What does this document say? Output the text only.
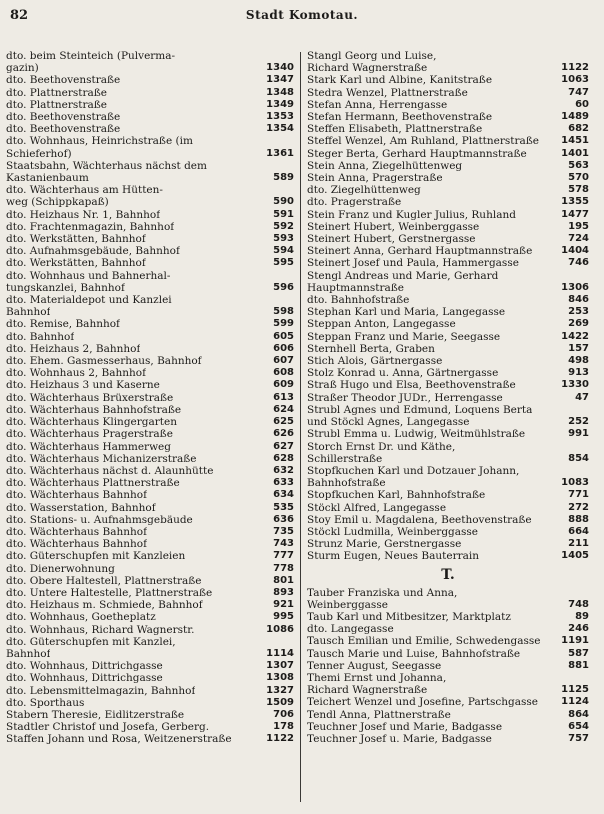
82	Stadt Komotau.
dto. beim Steinteich (Pulverma-
gazin)	1340
dto. Beethovenstraße	1347
dto. Plattnerstraße	1348
dto. Plattnerstraße	1349
dto. Beethovenstraße	1353
dto. Beethovenstraße	1354
dto. Wohnhaus, Heinrichstraße (im
Schieferhof)	1361
Staatsbahn, Wächterhaus nächst dem
Kastanienbaum	589
dto. Wächterhaus am Hütten-
weg (Schippkapaß)	590
dto. Heizhaus Nr. 1, Bahnhof	591
dto. Frachtenmagazin, Bahnhof	592
dto. Werkstätten, Bahnhof	593
dto. Aufnahmsgebäude, Bahnhof	594
dto. Werkstätten, Bahnhof	595
dto. Wohnhaus und Bahnerhal-
tungskanzlei, Bahnhof	596
dto. Materialdepot und Kanzlei
Bahnhof	598
dto. Remise, Bahnhof	599
dto. Bahnhof	605
dto. Heizhaus 2, Bahnhof	606
dto. Ehem. Gasmesserhaus, Bahnhof	607
dto. Wohnhaus 2, Bahnhof	608
dto. Heizhaus 3 und Kaserne	609
dto. Wächterhaus Brüxerstraße	613
dto. Wächterhaus Bahnhofstraße	624
dto. Wächterhaus Klingergarten	625
dto. Wächterhaus Pragerstraße	626
dto. Wächterhaus Hammerweg	627
dto. Wächterhaus Michanizerstraße	628
dto. Wächterhaus nächst d. Alaunhütte	632
dto. Wächterhaus Plattnerstraße	633
dto. Wächterhaus Bahnhof	634
dto. Wasserstation, Bahnhof	535
dto. Stations- u. Aufnahmsgebäude	636
dto. Wächterhaus Bahnhof	735
dto. Wächterhaus Bahnhof	743
dto. Güterschupfen mit Kanzleien	777
dto. Dienerwohnung	778
dto. Obere Haltestell, Plattnerstraße	801
dto. Untere Haltestelle, Plattnerstraße	893
dto. Heizhaus m. Schmiede, Bahnhof	921
dto. Wohnhaus, Goetheplatz	995
dto. Wohnhaus, Richard Wagnerstr.	1086
dto. Güterschupfen mit Kanzlei,
Bahnhof	1114
dto. Wohnhaus, Dittrichgasse	1307
dto. Wohnhaus, Dittrichgasse	1308
dto. Lebensmittelmagazin, Bahnhof	1327
dto. Sporthaus	1509
Stabern Theresie, Eidlitzerstraße	706
Stadtler Christof und Josefa, Gerberg.	178
Staffen Johann und Rosa, Weitzenerstraße	1122
Stangl Georg und Luise,
Richard Wagnerstraße	1122
Stark Karl und Albine, Kanitstraße	1063
Stedra Wenzel, Plattnerstraße	747
Stefan Anna, Herrengasse	60
Stefan Hermann, Beethovenstraße	1489
Steffen Elisabeth, Plattnerstraße	682
Steffel Wenzel, Am Ruhland, Plattnerstraße 1451
Steger Berta, Gerhard Hauptmannstraße	1401
Stein Anna, Ziegelhüttenweg	563
Stein Anna, Pragerstraße	570
dto. Ziegelhüttenweg	578
dto. Pragerstraße	1355
Stein Franz und Kugler Julius, Ruhland	1477
Steinert Hubert, Weinberggasse	195
Steinert Hubert, Gerstnergasse	724
Steinert Anna, Gerhard Hauptmannstraße	1404
Steinert Josef und Paula, Hammergasse	746
Stengl Andreas und Marie, Gerhard
Hauptmannstraße	1306
dto. Bahnhofstraße	846
Stephan Karl und Maria, Langegasse	253
Steppan Anton, Langegasse	269
Steppan Franz und Marie, Seegasse	1422
Sternhell Berta, Graben	157
Stich Alois, Gärtnergasse	498
Stolz Konrad u. Anna, Gärtnergasse	913
Straß Hugo und Elsa, Beethovenstraße	1330
Straßer Theodor JUDr., Herrengasse	47
Strubl Agnes und Edmund, Loquens Berta
und Stöckl Agnes, Langegasse	252
Strubl Emma u. Ludwig, Weitmühlstraße	991
Storch Ernst Dr. und Käthe,
Schillerstraße	854
Stopfkuchen Karl und Dotzauer Johann,
Bahnhofstraße	1083
Stopfkuchen Karl, Bahnhofstraße	771
Stöckl Alfred, Langegasse	272
Stoy Emil u. Magdalena, Beethovenstraße	888
Stöckl Ludmilla, Weinberggasse	664
Strunz Marie, Gerstnergasse	211
Sturm Eugen, Neues Bauterrain	1405
T.
Tauber Franziska und Anna,
Weinberggasse	748
Taub Karl und Mitbesitzer, Marktplatz	89
dto. Langegasse	246
Tausch Emilian und Emilie, Schwedengasse 1191
Tausch Marie und Luise, Bahnhofstraße	587
Tenner August, Seegasse	881
Themi Ernst und Johanna,
Richard Wagnerstraße	1125
Teichert Wenzel und Josefine, Partschgasse 1124
Tendl Anna, Plattnerstraße	864
Teuchner Josef und Marie, Badgasse	654
Teuchner Josef u. Marie, Badgasse	757
